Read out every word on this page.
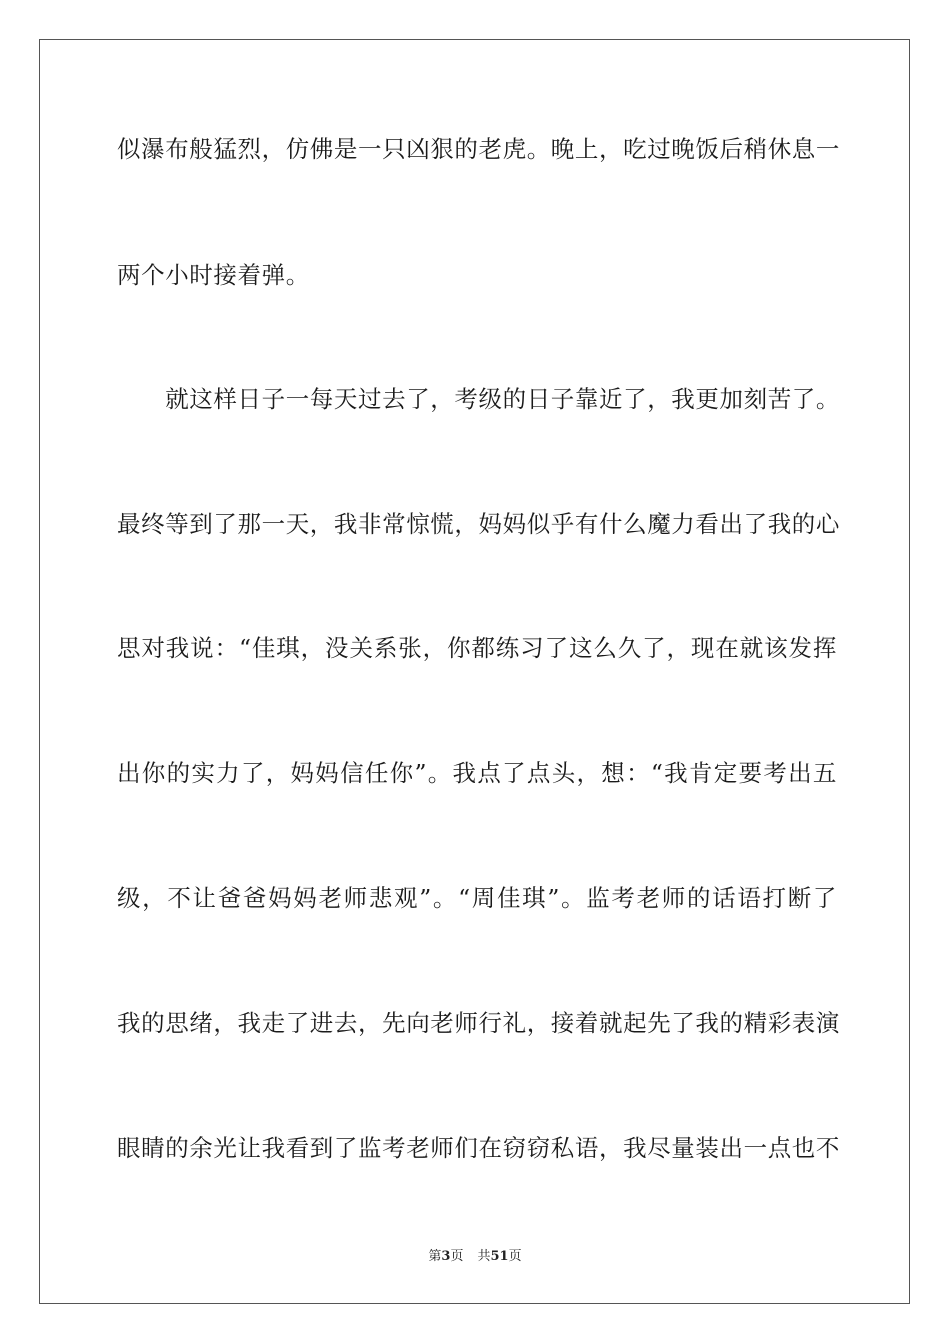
似瀑布般猛烈，仿佛是一只凶狠的老虎。晚上，吃过晚饭后稍休息一
两个小时接着弹。
　　就这样日子一每天过去了，考级的日子靠近了，我更加刻苦了。
最终等到了那一天，我非常惊慌，妈妈似乎有什么魔力看出了我的心
思对我说：“佳琪，没关系张，你都练习了这么久了，现在就该发挥
出你的实力了，妈妈信任你”。我点了点头，想：“我肯定要考出五
级，不让爸爸妈妈老师悲观”。“周佳琪”。监考老师的话语打断了
我的思绪，我走了进去，先向老师行礼，接着就起先了我的精彩表演
眼睛的余光让我看到了监考老师们在窃窃私语，我尽量装出一点也不
第3页 共51页
